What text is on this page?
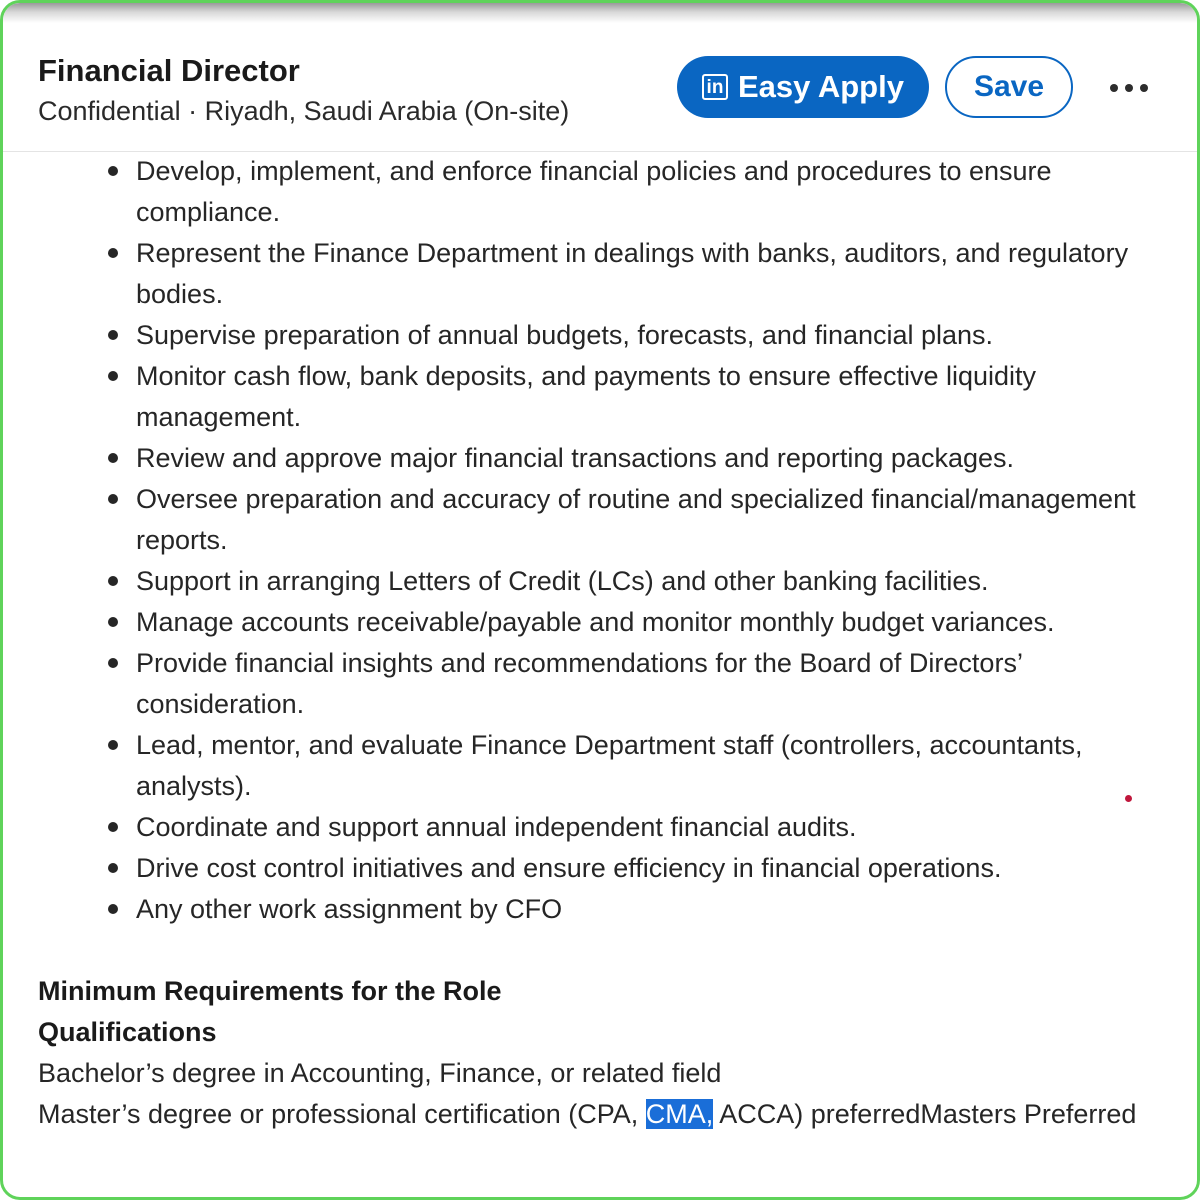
Financial Director
Confidential · Riyadh, Saudi Arabia (On-site)
in Easy Apply Save
Develop, implement, and enforce financial policies and procedures to ensure
compliance.
Represent the Finance Department in dealings with banks, auditors, and regulatory
bodies.
Supervise preparation of annual budgets, forecasts, and financial plans.
Monitor cash flow, bank deposits, and payments to ensure effective liquidity
management.
Review and approve major financial transactions and reporting packages.
Oversee preparation and accuracy of routine and specialized financial/management
reports.
Support in arranging Letters of Credit (LCs) and other banking facilities.
Manage accounts receivable/payable and monitor monthly budget variances.
Provide financial insights and recommendations for the Board of Directors’
consideration.
Lead, mentor, and evaluate Finance Department staff (controllers, accountants,
analysts).
Coordinate and support annual independent financial audits.
Drive cost control initiatives and ensure efficiency in financial operations.
Any other work assignment by CFO
Minimum Requirements for the Role
Qualifications
Bachelor’s degree in Accounting, Finance, or related field
Master’s degree or professional certification (CPA, CMA, ACCA) preferredMasters Preferred
